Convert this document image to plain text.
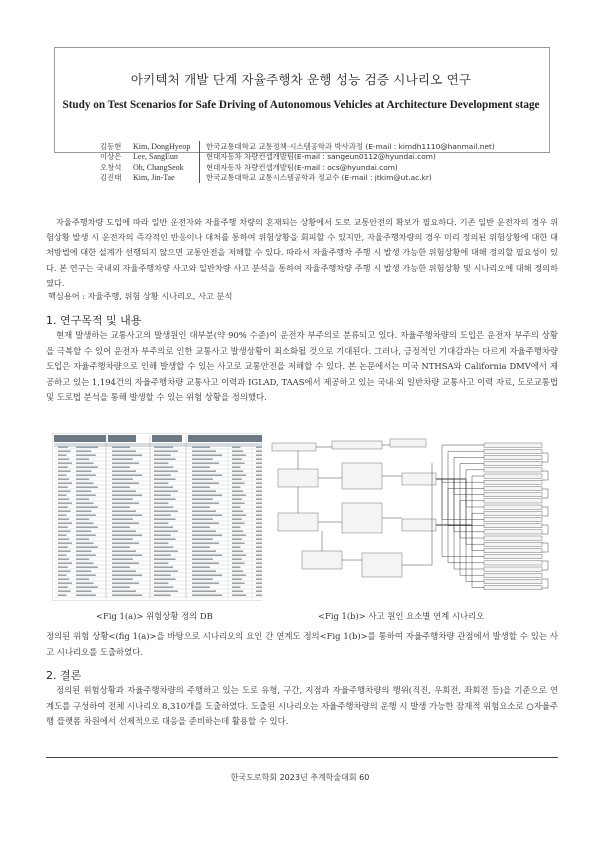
아키텍처 개발 단계 자율주행차 운행 성능 검증 시나리오 연구
Study on Test Scenarios for Safe Driving of Autonomous Vehicles at Architecture Development stage
김동현	Kim, DongHyeop	한국교통대학교 교통정책·시스템공학과 박사과정 (E-mail : kimdh1110@hanmail.net)
이상은	Lee, SangEun	현대자동차 차량컨셉개발팀(E-mail : sangeun0112@hyundai.com)
오창석	Oh, ChangSeok	현대자동차 차량컨셉개발팀(E-mail : ocs@hyundai.com)
김진태	Kim, Jin-Tae	한국교통대학교 교통시스템공학과 정교수 (E-mail : jtkim@ut.ac.kr)

자율주행차량 도입에 따라 일반 운전자와 자율주행 차량의 혼재되는 상황에서 도로 교통안전의 확보가 필요하다. 기존 일반 운전자의 경우 위험상황 발생 시 운전자의 즉각적인 반응이나 대처를 통하여 위험상황을 회피할 수 있지만, 자율주행차량의 경우 미리 정의된 위험상황에 대한 대처방법에 대한 설계가 선행되지 않으면 교통안전을 저해할 수 있다. 따라서 자율주행차 주행 시 발생 가능한 위험상황에 대해 정의할 필요성이 있다. 본 연구는 국내외 자율주행차량 사고와 일반차량 사고 분석을 통하여 자율주행차량 주행 시 발생 가능한 위험상황 및 시나리오에 대해 정의하였다.

핵심용어 : 자율주행, 위험 상황 시나리오, 사고 분석
1. 연구목적 및 내용

현재 발생하는 교통사고의 발생원인 대부분(약 90% 수준)이 운전자 부주의로 분류되고 있다. 자율주행차량의 도입은 운전자 부주의 상황을 극복할 수 있어 운전자 부주의로 인한 교통사고 발생상황이 최소화될 것으로 기대된다. 그러나, 긍정적인 기대감과는 다르게 자율주행차량 도입은 자율주행차량으로 인해 발생할 수 있는 사고로 교통안전을 저해할 수 있다. 본 논문에서는 미국 NTHSA와 California DMV에서 제공하고 있는 1,194건의 자율주행차량 교통사고 이력과 IGLAD, TAAS에서 제공하고 있는 국내·외 일반차량 교통사고 이력 자료, 도로교통법 및 도로법 분석을 통해 발생할 수 있는 위험 상황을 정의했다.

<Fig 1(a)> 위험상황 정의 DB	<Fig 1(b)> 사고 원인 요소별 연계 시나리오

정의된 위험 상황<(fig 1(a)>을 바탕으로 시나리오의 요인 간 연계도 정의<Fig 1(b)>를 통하여 자율주행차량 관점에서 발생할 수 있는 사고 시나리오를 도출하였다.

2. 결론

정의된 위험상황과 자율주행차량의 주행하고 있는 도로 유형, 구간, 지점과 자율주행차량의 행위(직진, 우회전, 좌회전 등)을 기준으로 연계도를 구성하여 전체 시나리오 8,310개를 도출하였다. 도출된 시나리오는 자율주행차량의 운행 시 발생 가능한 잠재적 위험요소로 ○자율주행 플랫폼 차원에서 선제적으로 대응을 준비하는데 활용할 수 있다.

한국도로학회 2023년 추계학술대회 60
